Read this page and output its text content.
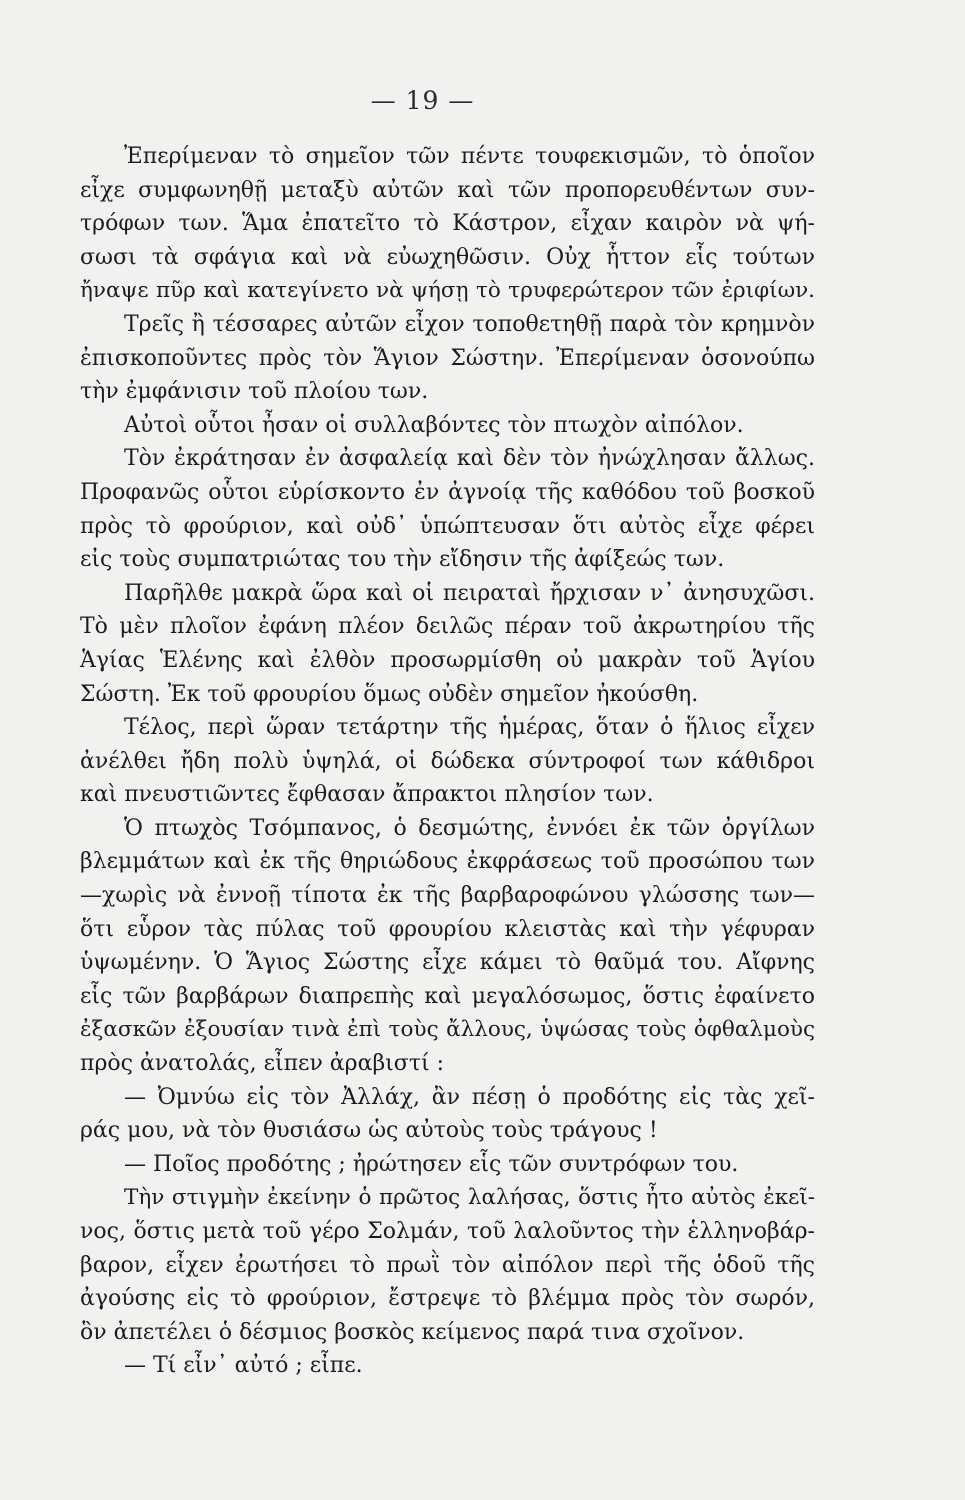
— 19 —
Ἐπερίμεναν τὸ σημεῖον τῶν πέντε τουφεκισμῶν, τὸ ὁποῖον
εἶχε συμφωνηθῇ μεταξὺ αὐτῶν καὶ τῶν προπορευθέντων συν-
τρόφων των. Ἅμα ἐπατεῖτο τὸ Κάστρον, εἶχαν καιρὸν νὰ ψή-
σωσι τὰ σφάγια καὶ νὰ εὐωχηθῶσιν. Οὐχ ἧττον εἷς τούτων
ἤναψε πῦρ καὶ κατεγίνετο νὰ ψήσῃ τὸ τρυφερώτερον τῶν ἐριφίων.
Τρεῖς ἢ τέσσαρες αὐτῶν εἶχον τοποθετηθῇ παρὰ τὸν κρημνὸν
ἐπισκοποῦντες πρὸς τὸν Ἅγιον Σώστην. Ἐπερίμεναν ὁσονούπω
τὴν ἐμφάνισιν τοῦ πλοίου των.
Αὐτοὶ οὗτοι ἦσαν οἱ συλλαβόντες τὸν πτωχὸν αἰπόλον.
Τὸν ἐκράτησαν ἐν ἀσφαλείᾳ καὶ δὲν τὸν ἠνώχλησαν ἄλλως.
Προφανῶς οὗτοι εὑρίσκοντο ἐν ἀγνοίᾳ τῆς καθόδου τοῦ βοσκοῦ
πρὸς τὸ φρούριον, καὶ οὐδ᾿ ὑπώπτευσαν ὅτι αὐτὸς εἶχε φέρει
εἰς τοὺς συμπατριώτας του τὴν εἴδησιν τῆς ἀφίξεώς των.
Παρῆλθε μακρὰ ὥρα καὶ οἱ πειραταὶ ἤρχισαν ν᾿ ἀνησυχῶσι.
Τὸ μὲν πλοῖον ἐφάνη πλέον δειλῶς πέραν τοῦ ἀκρωτηρίου τῆς
Ἁγίας Ἑλένης καὶ ἐλθὸν προσωρμίσθη οὐ μακρὰν τοῦ Ἁγίου
Σώστη. Ἐκ τοῦ φρουρίου ὅμως οὐδὲν σημεῖον ἠκούσθη.
Τέλος, περὶ ὥραν τετάρτην τῆς ἡμέρας, ὅταν ὁ ἥλιος εἶχεν
ἀνέλθει ἤδη πολὺ ὑψηλά, οἱ δώδεκα σύντροφοί των κάθιδροι
καὶ πνευστιῶντες ἔφθασαν ἄπρακτοι πλησίον των.
Ὁ πτωχὸς Τσόμπανος, ὁ δεσμώτης, ἐννόει ἐκ τῶν ὀργίλων
βλεμμάτων καὶ ἐκ τῆς θηριώδους ἐκφράσεως τοῦ προσώπου των
—χωρὶς νὰ ἐννοῇ τίποτα ἐκ τῆς βαρβαροφώνου γλώσσης των—
ὅτι εὗρον τὰς πύλας τοῦ φρουρίου κλειστὰς καὶ τὴν γέφυραν
ὑψωμένην. Ὁ Ἅγιος Σώστης εἶχε κάμει τὸ θαῦμά του. Αἴφνης
εἷς τῶν βαρβάρων διαπρεπὴς καὶ μεγαλόσωμος, ὅστις ἐφαίνετο
ἐξασκῶν ἐξουσίαν τινὰ ἐπὶ τοὺς ἄλλους, ὑψώσας τοὺς ὀφθαλμοὺς
πρὸς ἀνατολάς, εἶπεν ἀραβιστί :
— Ὀμνύω εἰς τὸν Ἀλλάχ, ἂν πέσῃ ὁ προδότης εἰς τὰς χεῖ-
ράς μου, νὰ τὸν θυσιάσω ὡς αὐτοὺς τοὺς τράγους !
— Ποῖος προδότης ; ἠρώτησεν εἷς τῶν συντρόφων του.
Τὴν στιγμὴν ἐκείνην ὁ πρῶτος λαλήσας, ὅστις ἦτο αὐτὸς ἐκεῖ-
νος, ὅστις μετὰ τοῦ γέρο Σολμάν, τοῦ λαλοῦντος τὴν ἑλληνοβάρ-
βαρον, εἶχεν ἐρωτήσει τὸ πρωῒ τὸν αἰπόλον περὶ τῆς ὁδοῦ τῆς
ἀγούσης εἰς τὸ φρούριον, ἔστρεψε τὸ βλέμμα πρὸς τὸν σωρόν,
ὃν ἀπετέλει ὁ δέσμιος βοσκὸς κείμενος παρά τινα σχοῖνον.
— Τί εἶν᾿ αὐτό ; εἶπε.
